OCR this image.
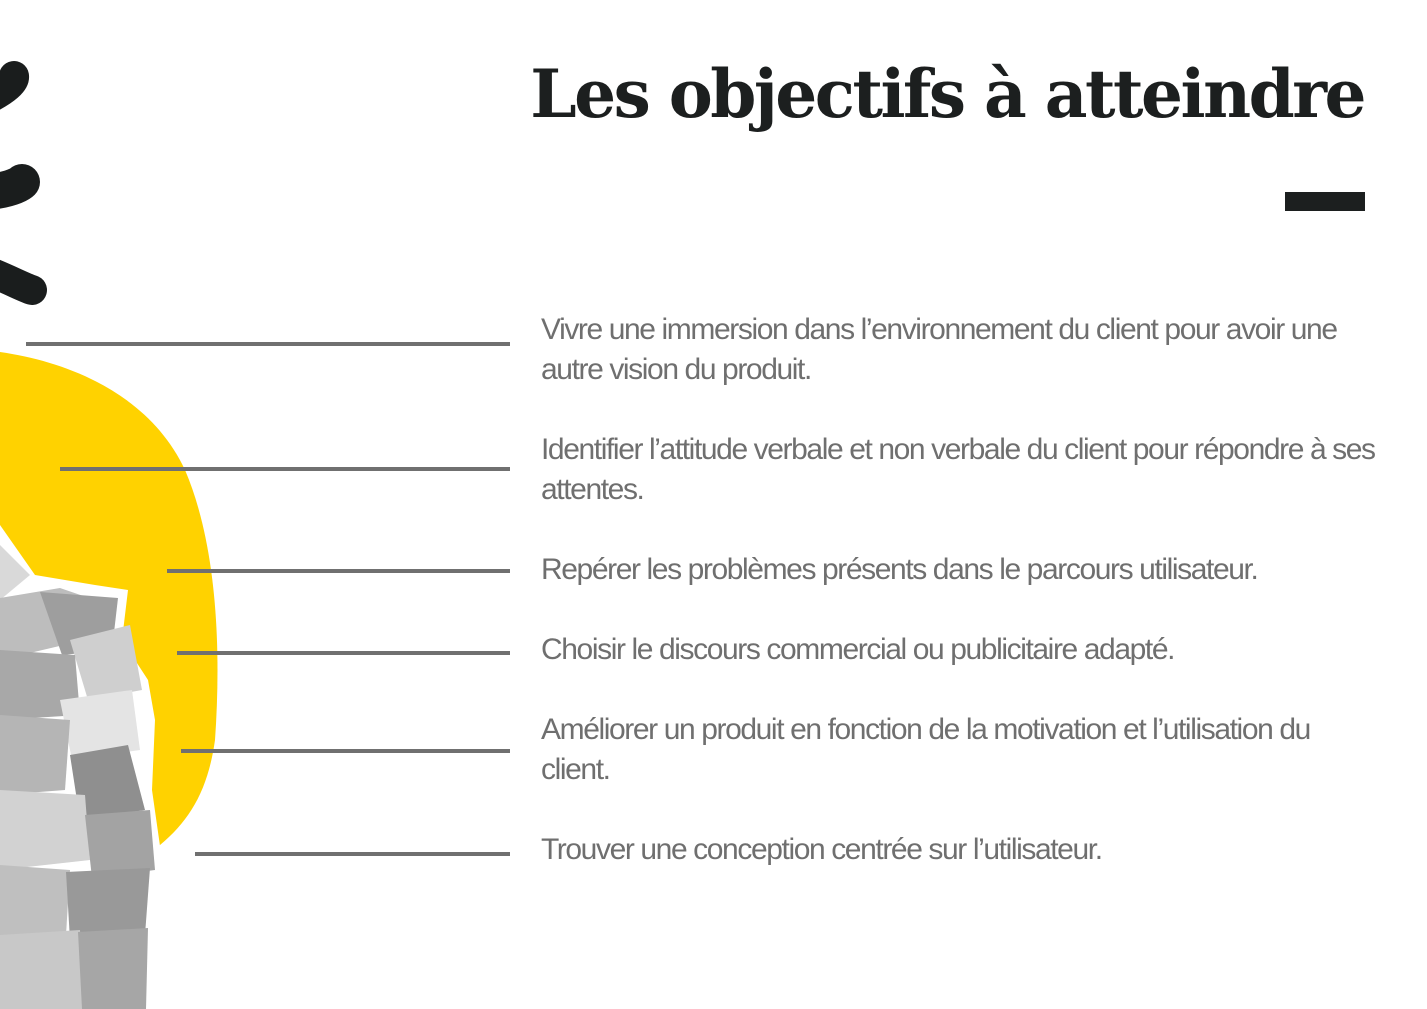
Les objectifs à atteindre

Vivre une immersion dans l’environnement du client pour avoir une autre vision du produit.

Identifier l’attitude verbale et non verbale du client pour répondre à ses attentes.

Repérer les problèmes présents dans le parcours utilisateur.

Choisir le discours commercial ou publicitaire adapté.

Améliorer un produit en fonction de la motivation et l’utilisation du client.

Trouver une conception centrée sur l’utilisateur.
